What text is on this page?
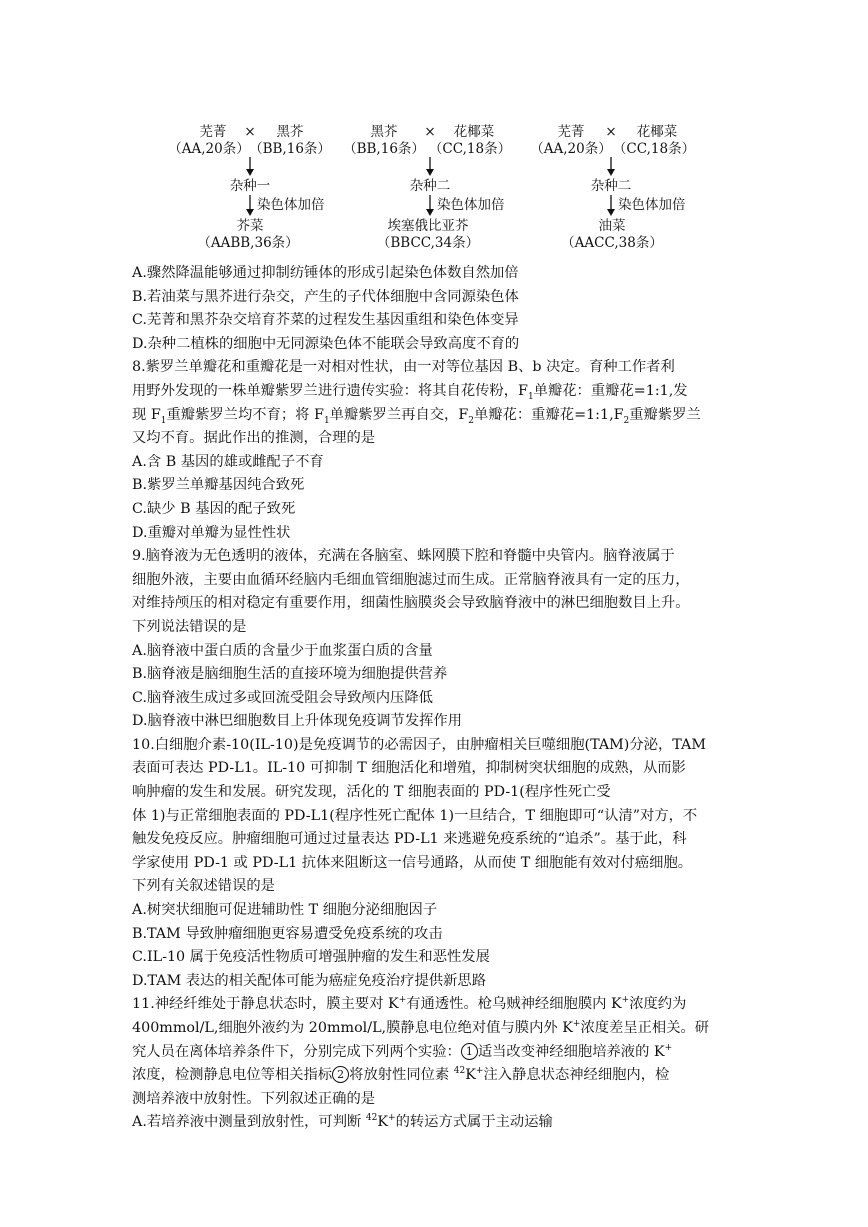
芜菁 × 黑芥
（AA,20条） （BB,16条）
杂种一
染色体加倍
芥菜
（AABB,36条）
黑芥 × 花椰菜
（BB,16条） （CC,18条）
杂种二
染色体加倍
埃塞俄比亚芥
（BBCC,34条）
芜菁 × 花椰菜
（AA,20条） （CC,18条）
杂种二
染色体加倍
油菜
（AACC,38条）
A.骤然降温能够通过抑制纺锤体的形成引起染色体数自然加倍
B.若油菜与黑芥进行杂交，产生的子代体细胞中含同源染色体
C.芜菁和黑芥杂交培育芥菜的过程发生基因重组和染色体变异
D.杂种二植株的细胞中无同源染色体不能联会导致高度不育的
8.紫罗兰单瓣花和重瓣花是一对相对性状，由一对等位基因 B、b 决定。育种工作者利
用野外发现的一株单瓣紫罗兰进行遗传实验：将其自花传粉，$F_1$单瓣花：重瓣花=1:1,发
现 $F_1$重瓣紫罗兰均不育；将 $F_1$单瓣紫罗兰再自交，$F_2$单瓣花：重瓣花$=1:1,F_2$重瓣紫罗兰
又均不育。据此作出的推测，合理的是
A.含 B 基因的雄或雌配子不育
B.紫罗兰单瓣基因纯合致死
C.缺少 B 基因的配子致死
D.重瓣对单瓣为显性性状
9.脑脊液为无色透明的液体，充满在各脑室、蛛网膜下腔和脊髓中央管内。脑脊液属于
细胞外液，主要由血循环经脑内毛细血管细胞滤过而生成。正常脑脊液具有一定的压力，
对维持颅压的相对稳定有重要作用，细菌性脑膜炎会导致脑脊液中的淋巴细胞数目上升。
下列说法错误的是
A.脑脊液中蛋白质的含量少于血浆蛋白质的含量
B.脑脊液是脑细胞生活的直接环境为细胞提供营养
C.脑脊液生成过多或回流受阻会导致颅内压降低
D.脑脊液中淋巴细胞数目上升体现免疫调节发挥作用
10.白细胞介素-10(IL-10)是免疫调节的必需因子，由肿瘤相关巨噬细胞(TAM)分泌，TAM
表面可表达 PD-L1。IL-10 可抑制 T 细胞活化和增殖，抑制树突状细胞的成熟，从而影
响肿瘤的发生和发展。研究发现，活化的 T 细胞表面的 PD-1(程序性死亡受
体 1)与正常细胞表面的 PD-L1(程序性死亡配体 1)一旦结合，T 细胞即可“认清”对方，不
触发免疫反应。肿瘤细胞可通过过量表达 PD-L1 来逃避免疫系统的“追杀”。基于此，科
学家使用 PD-1 或 PD-L1 抗体来阻断这一信号通路，从而使 T 细胞能有效对付癌细胞。
下列有关叙述错误的是
A.树突状细胞可促进辅助性 T 细胞分泌细胞因子
B.TAM 导致肿瘤细胞更容易遭受免疫系统的攻击
C.IL-10 属于免疫活性物质可增强肿瘤的发生和恶性发展
D.TAM 表达的相关配体可能为癌症免疫治疗提供新思路
11.神经纤维处于静息状态时，膜主要对 K+有通透性。枪乌贼神经细胞膜内 K+浓度约为
400mmol/L,细胞外液约为 20mmol/L,膜静息电位绝对值与膜内外 K+浓度差呈正相关。研
究人员在离体培养条件下，分别完成下列两个实验： 1 适当改变神经细胞培养液的 K+
浓度，检测静息电位等相关指标 2 将放射性同位素 $^{42}$K+注入静息状态神经细胞内，检
测培养液中放射性。下列叙述正确的是
A.若培养液中测量到放射性，可判断 $^{42}$K+的转运方式属于主动运输
